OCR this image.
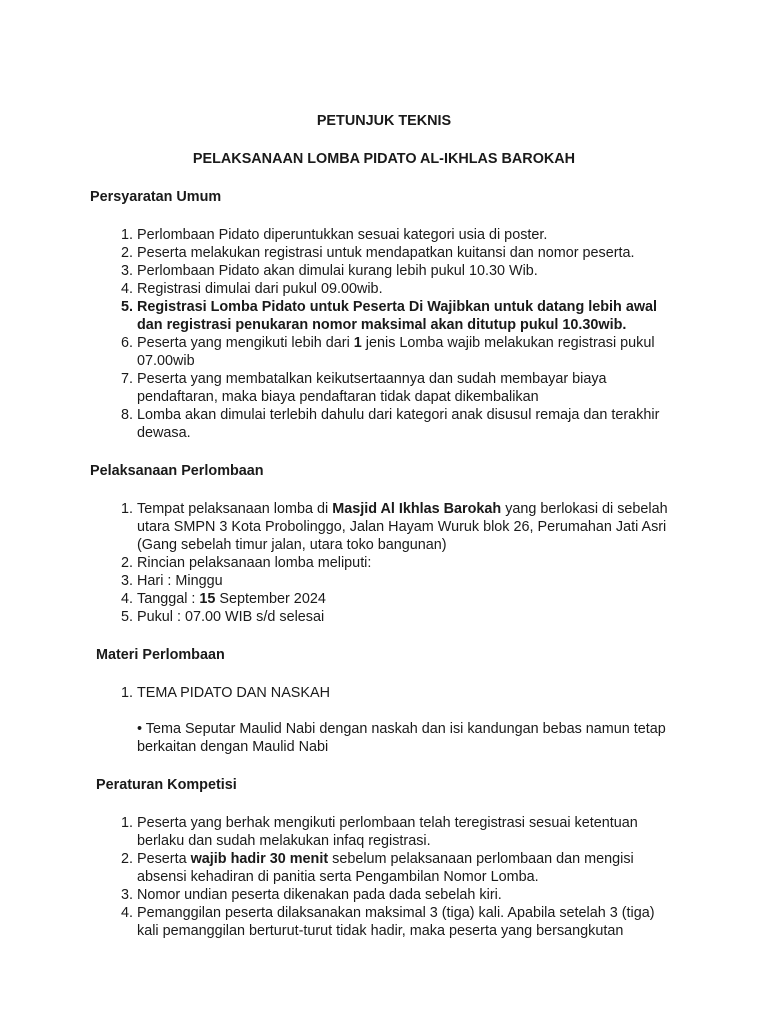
PETUNJUK TEKNIS

PELAKSANAAN LOMBA PIDATO AL-IKHLAS BAROKAH

Persyaratan Umum

1. Perlombaan Pidato diperuntukkan sesuai kategori usia di poster.
2. Peserta melakukan registrasi untuk mendapatkan kuitansi dan nomor peserta.
3. Perlombaan Pidato akan dimulai kurang lebih pukul 10.30 Wib.
4. Registrasi dimulai dari pukul 09.00wib.
5. Registrasi Lomba Pidato untuk Peserta Di Wajibkan untuk datang lebih awal dan registrasi penukaran nomor maksimal akan ditutup pukul 10.30wib.
6. Peserta yang mengikuti lebih dari 1 jenis Lomba wajib melakukan registrasi pukul 07.00wib
7. Peserta yang membatalkan keikutsertaannya dan sudah membayar biaya pendaftaran, maka biaya pendaftaran tidak dapat dikembalikan
8. Lomba akan dimulai terlebih dahulu dari kategori anak disusul remaja dan terakhir dewasa.

Pelaksanaan Perlombaan

1. Tempat pelaksanaan lomba di Masjid Al Ikhlas Barokah yang berlokasi di sebelah utara SMPN 3 Kota Probolinggo, Jalan Hayam Wuruk blok 26, Perumahan Jati Asri (Gang sebelah timur jalan, utara toko bangunan)
2. Rincian pelaksanaan lomba meliputi:
3. Hari : Minggu
4. Tanggal : 15 September 2024
5. Pukul : 07.00 WIB s/d selesai

Materi Perlombaan

1. TEMA PIDATO DAN NASKAH

• Tema Seputar Maulid Nabi dengan naskah dan isi kandungan bebas namun tetap berkaitan dengan Maulid Nabi

Peraturan Kompetisi

1. Peserta yang berhak mengikuti perlombaan telah teregistrasi sesuai ketentuan berlaku dan sudah melakukan infaq registrasi.
2. Peserta wajib hadir 30 menit sebelum pelaksanaan perlombaan dan mengisi absensi kehadiran di panitia serta Pengambilan Nomor Lomba.
3. Nomor undian peserta dikenakan pada dada sebelah kiri.
4. Pemanggilan peserta dilaksanakan maksimal 3 (tiga) kali. Apabila setelah 3 (tiga) kali pemanggilan berturut-turut tidak hadir, maka peserta yang bersangkutan
